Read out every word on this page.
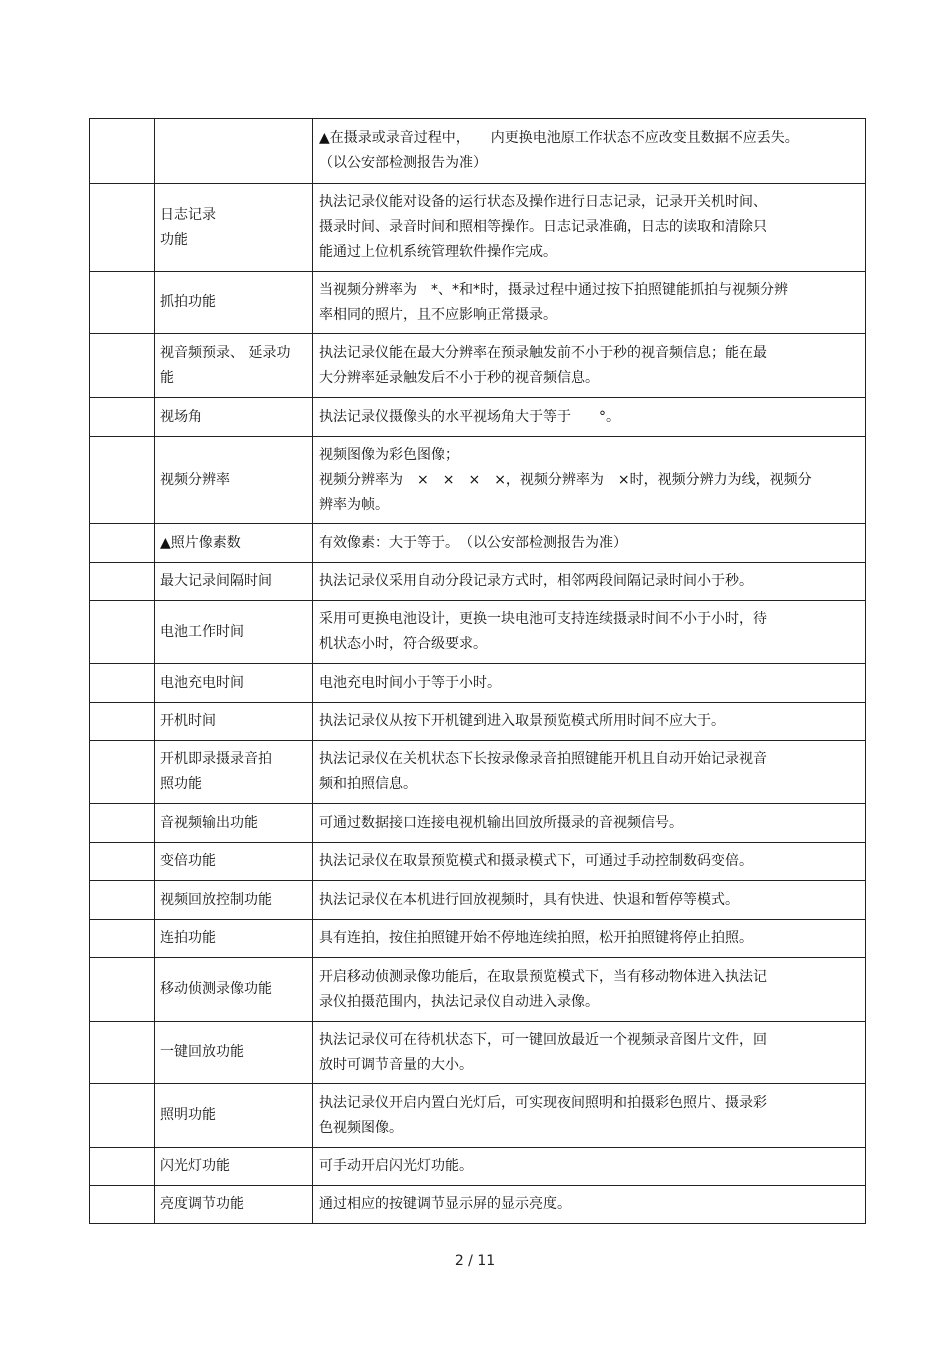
		▲在摄录或录音过程中，　　内更换电池原工作状态不应改变且数据不应丢失。
（以公安部检测报告为准）

	日志记录
功能	执法记录仪能对设备的运行状态及操作进行日志记录，记录开关机时间、
摄录时间、录音时间和照相等操作。日志记录准确，日志的读取和清除只
能通过上位机系统管理软件操作完成。

	抓拍功能	当视频分辨率为　*、*和*时，摄录过程中通过按下拍照键能抓拍与视频分辨
率相同的照片，且不应影响正常摄录。

	视音频预录、 延录功
能	执法记录仪能在最大分辨率在预录触发前不小于秒的视音频信息；能在最
大分辨率延录触发后不小于秒的视音频信息。

	视场角	执法记录仪摄像头的水平视场角大于等于　　°。

	视频分辨率	视频图像为彩色图像；
视频分辨率为　×　×　×　×，视频分辨率为　×时，视频分辨力为线，视频分
辨率为帧。

	▲照片像素数	有效像素：大于等于。　（以公安部检测报告为准）

	最大记录间隔时间	执法记录仪采用自动分段记录方式时，相邻两段间隔记录时间小于秒。

	电池工作时间	采用可更换电池设计，更换一块电池可支持连续摄录时间不小于小时，待
机状态小时，符合级要求。

	电池充电时间	电池充电时间小于等于小时。

	开机时间	执法记录仪从按下开机键到进入取景预览模式所用时间不应大于。

	开机即录摄录音拍
照功能	执法记录仪在关机状态下长按录像录音拍照键能开机且自动开始记录视音
频和拍照信息。

	音视频输出功能	可通过数据接口连接电视机输出回放所摄录的音视频信号。

	变倍功能	执法记录仪在取景预览模式和摄录模式下，可通过手动控制数码变倍。

	视频回放控制功能	执法记录仪在本机进行回放视频时，具有快进、快退和暂停等模式。

	连拍功能	具有连拍，按住拍照键开始不停地连续拍照，松开拍照键将停止拍照。

	移动侦测录像功能	开启移动侦测录像功能后，在取景预览模式下，当有移动物体进入执法记
录仪拍摄范围内，执法记录仪自动进入录像。

	一键回放功能	执法记录仪可在待机状态下，可一键回放最近一个视频录音图片文件，回
放时可调节音量的大小。

	照明功能	执法记录仪开启内置白光灯后，可实现夜间照明和拍摄彩色照片、摄录彩
色视频图像。

	闪光灯功能	可手动开启闪光灯功能。

	亮度调节功能	通过相应的按键调节显示屏的显示亮度。
2 / 11
